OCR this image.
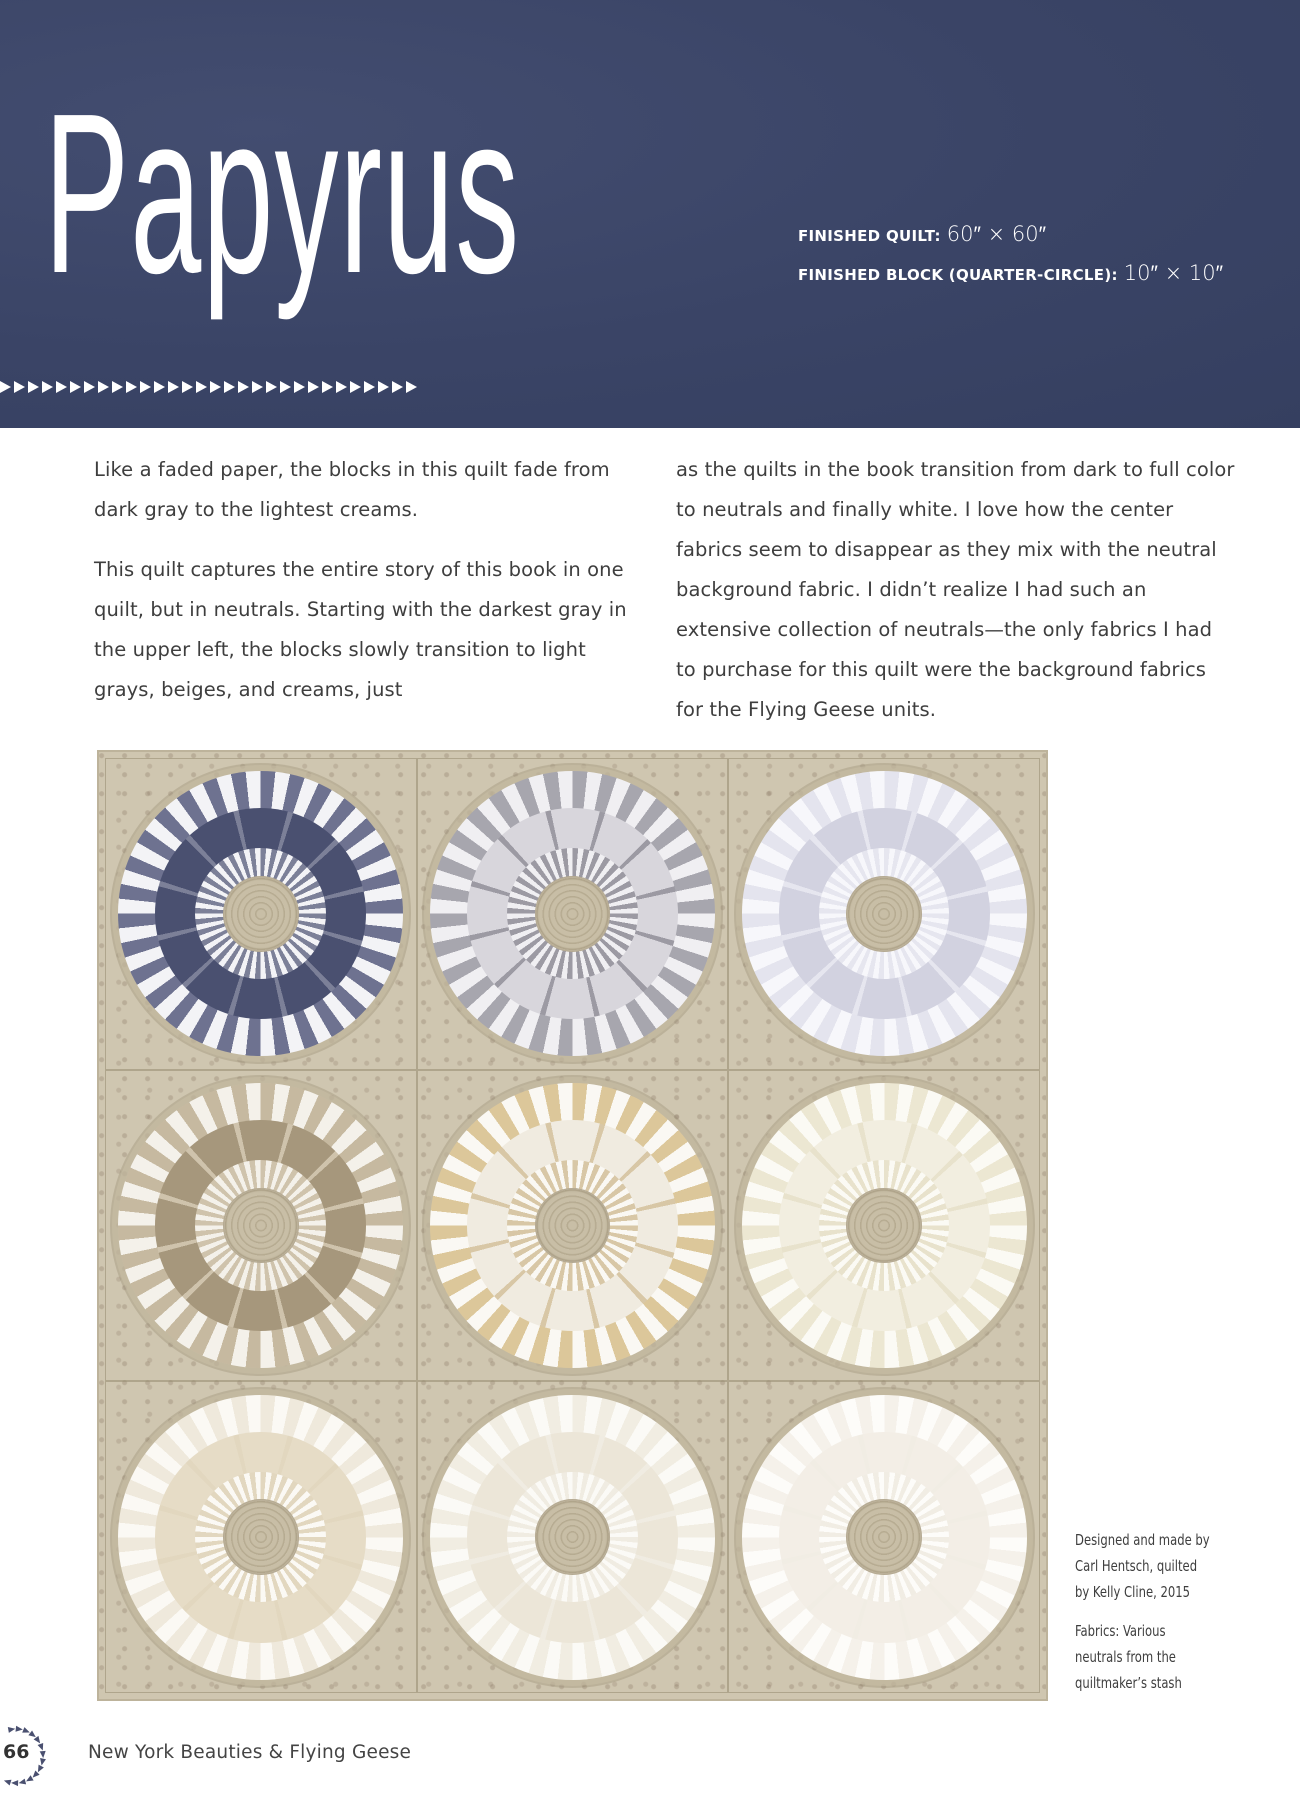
Papyrus	FINISHED QUILT: 60″ × 60″
FINISHED BLOCK (QUARTER-CIRCLE): 10″ × 10″

Like a faded paper, the blocks in this quilt fade from dark gray to the lightest creams.

This quilt captures the entire story of this book in one quilt, but in neutrals. Starting with the darkest gray in the upper left, the blocks slowly transition to light grays, beiges, and creams, just

as the quilts in the book transition from dark to full color to neutrals and finally white. I love how the center fabrics seem to disappear as they mix with the neutral background fabric. I didn’t realize I had such an extensive collection of neutrals—the only fabrics I had to purchase for this quilt were the background fabrics for the Flying Geese units.

Designed and made by

Carl Hentsch, quilted

by Kelly Cline, 2015

Fabrics: Various

neutrals from the

quiltmaker’s stash

66	New York Beauties & Flying Geese
